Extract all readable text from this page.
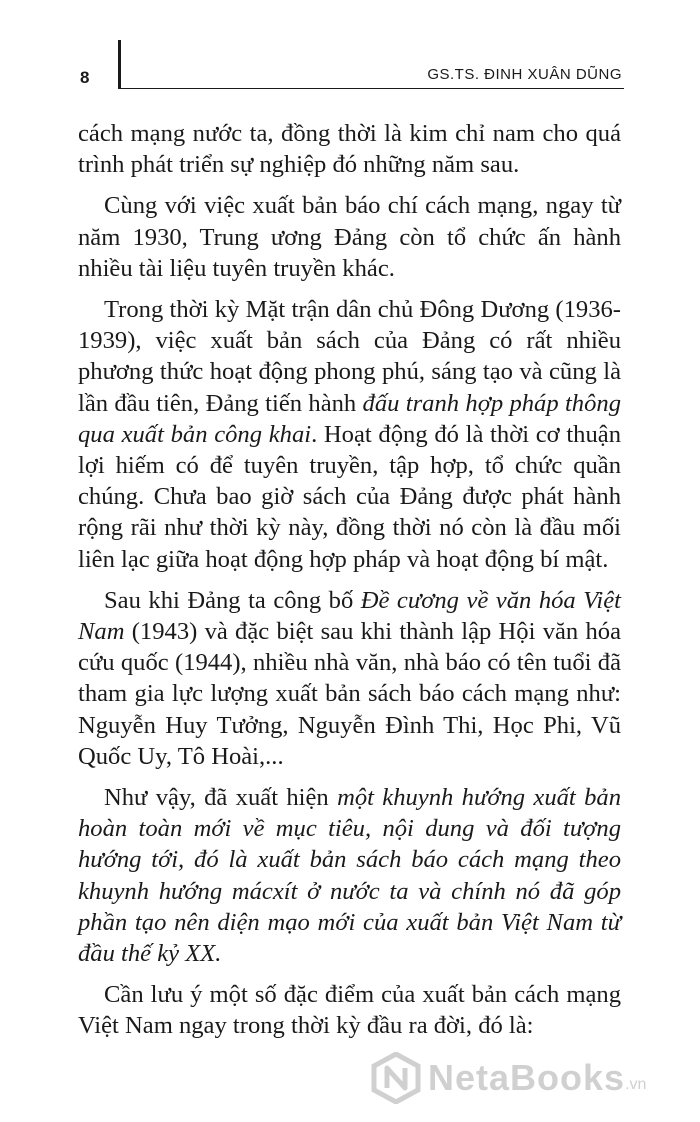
8	GS.TS. ĐINH XUÂN DŨNG

cách mạng nước ta, đồng thời là kim chỉ nam cho quá trình phát triển sự nghiệp đó những năm sau.

Cùng với việc xuất bản báo chí cách mạng, ngay từ năm 1930, Trung ương Đảng còn tổ chức ấn hành nhiều tài liệu tuyên truyền khác.

Trong thời kỳ Mặt trận dân chủ Đông Dương (1936-1939), việc xuất bản sách của Đảng có rất nhiều phương thức hoạt động phong phú, sáng tạo và cũng là lần đầu tiên, Đảng tiến hành đấu tranh hợp pháp thông qua xuất bản công khai. Hoạt động đó là thời cơ thuận lợi hiếm có để tuyên truyền, tập hợp, tổ chức quần chúng. Chưa bao giờ sách của Đảng được phát hành rộng rãi như thời kỳ này, đồng thời nó còn là đầu mối liên lạc giữa hoạt động hợp pháp và hoạt động bí mật.

Sau khi Đảng ta công bố Đề cương về văn hóa Việt Nam (1943) và đặc biệt sau khi thành lập Hội văn hóa cứu quốc (1944), nhiều nhà văn, nhà báo có tên tuổi đã tham gia lực lượng xuất bản sách báo cách mạng như: Nguyễn Huy Tưởng, Nguyễn Đình Thi, Học Phi, Vũ Quốc Uy, Tô Hoài,...

Như vậy, đã xuất hiện một khuynh hướng xuất bản hoàn toàn mới về mục tiêu, nội dung và đối tượng hướng tới, đó là xuất bản sách báo cách mạng theo khuynh hướng mácxít ở nước ta và chính nó đã góp phần tạo nên diện mạo mới của xuất bản Việt Nam từ đầu thế kỷ XX.

Cần lưu ý một số đặc điểm của xuất bản cách mạng Việt Nam ngay trong thời kỳ đầu ra đời, đó là:

NetaBooks .vn
